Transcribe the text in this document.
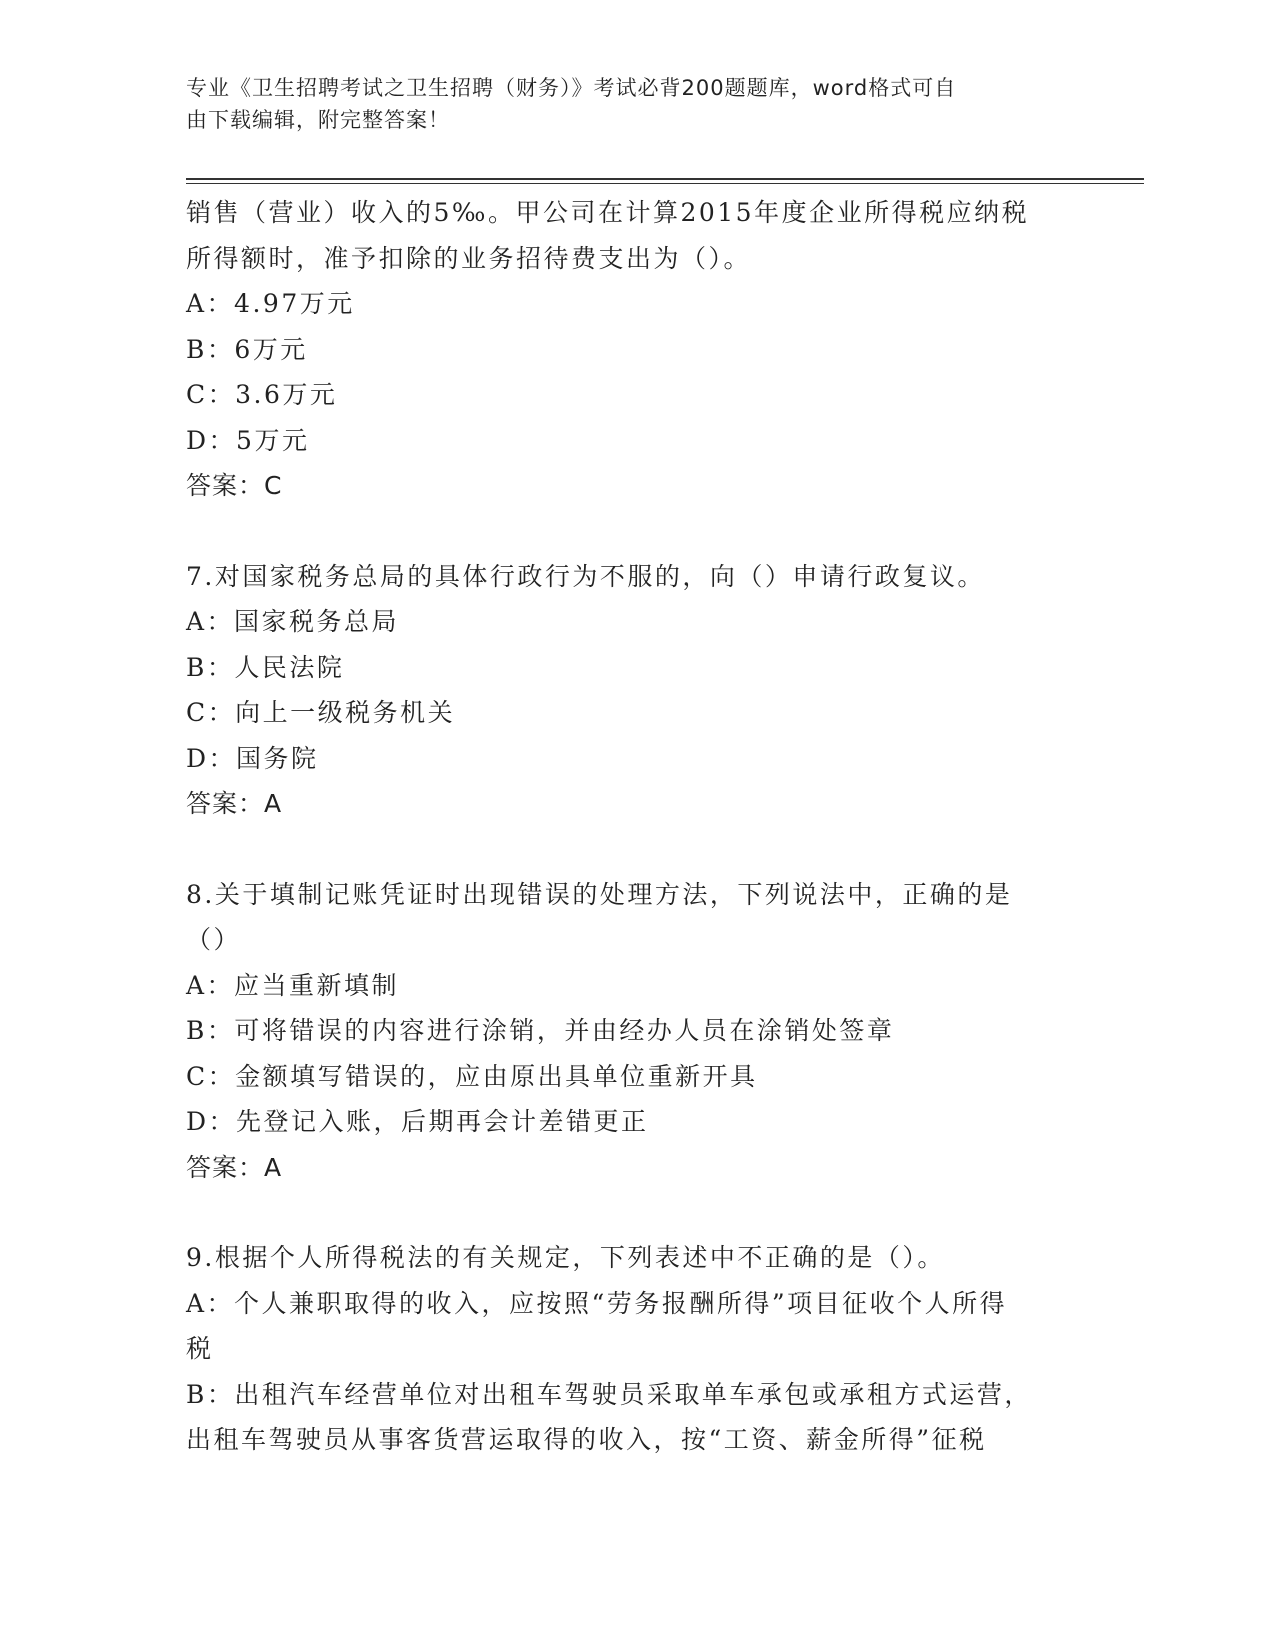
专业《卫生招聘考试之卫生招聘（财务）》考试必背200题题库，word格式可自
由下载编辑，附完整答案！
销售（营业）收入的5‰。甲公司在计算2015年度企业所得税应纳税
所得额时，准予扣除的业务招待费支出为（）。
A：4.97万元
B：6万元
C：3.6万元
D：5万元
答案：C
7.对国家税务总局的具体行政行为不服的，向（）申请行政复议。
A：国家税务总局
B：人民法院
C：向上一级税务机关
D：国务院
答案：A
8.关于填制记账凭证时出现错误的处理方法，下列说法中，正确的是
（）
A：应当重新填制
B：可将错误的内容进行涂销，并由经办人员在涂销处签章
C：金额填写错误的，应由原出具单位重新开具
D：先登记入账，后期再会计差错更正
答案：A
9.根据个人所得税法的有关规定，下列表述中不正确的是（）。
A：个人兼职取得的收入，应按照“劳务报酬所得”项目征收个人所得
税
B：出租汽车经营单位对出租车驾驶员采取单车承包或承租方式运营，
出租车驾驶员从事客货营运取得的收入，按“工资、薪金所得”征税
